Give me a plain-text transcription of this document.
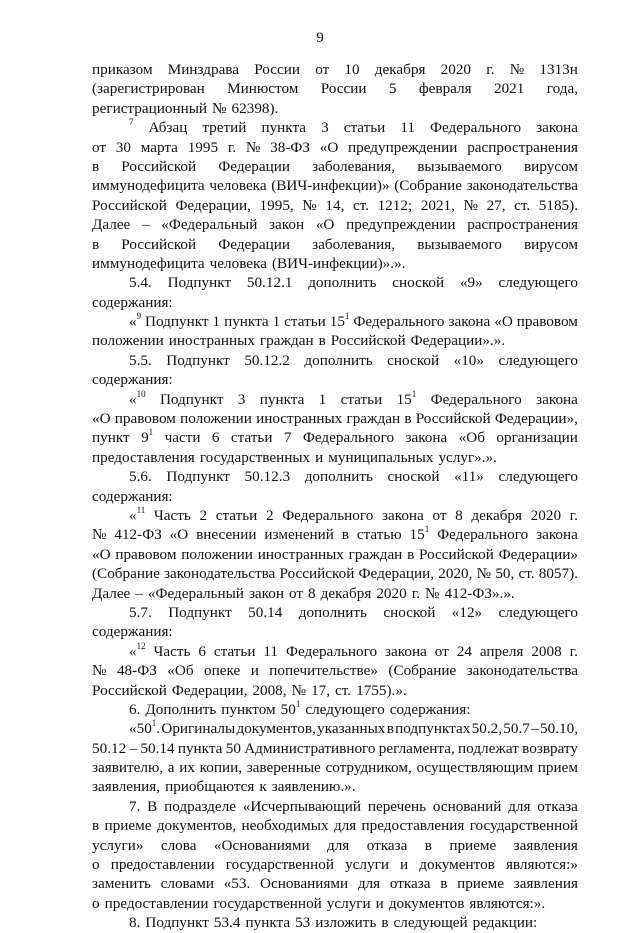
9
приказом Минздрава России от 10 декабря 2020 г. № 1313н
(зарегистрирован Минюстом России 5 февраля 2021 года,
регистрационный № 62398).
$^7$ Абзац третий пункта 3 статьи 11 Федерального закона
от 30 марта 1995 г. № 38-ФЗ «О предупреждении распространения
в Российской Федерации заболевания, вызываемого вирусом
иммунодефицита человека (ВИЧ-инфекции)» (Собрание законодательства
Российской Федерации, 1995, № 14, ст. 1212; 2021, № 27, ст. 5185).
Далее – «Федеральный закон «О предупреждении распространения
в Российской Федерации заболевания, вызываемого вирусом
иммунодефицита человека (ВИЧ-инфекции)».».
5.4. Подпункт 50.12.1 дополнить сноской «9» следующего
содержания:
«$^9$ Подпункт 1 пункта 1 статьи $15^1$ Федерального закона «О правовом
положении иностранных граждан в Российской Федерации».».
5.5. Подпункт 50.12.2 дополнить сноской «10» следующего
содержания:
«$^{10}$ Подпункт 3 пункта 1 статьи $15^1$ Федерального закона
«О правовом положении иностранных граждан в Российской Федерации»,
пункт $9^1$ части 6 статьи 7 Федерального закона «Об организации
предоставления государственных и муниципальных услуг».».
5.6. Подпункт 50.12.3 дополнить сноской «11» следующего
содержания:
«$^{11}$ Часть 2 статьи 2 Федерального закона от 8 декабря 2020 г.
№ 412-ФЗ «О внесении изменений в статью $15^1$ Федерального закона
«О правовом положении иностранных граждан в Российской Федерации»
(Собрание законодательства Российской Федерации, 2020, № 50, ст. 8057).
Далее – «Федеральный закон от 8 декабря 2020 г. № 412-ФЗ».».
5.7. Подпункт 50.14 дополнить сноской «12» следующего
содержания:
«$^{12}$ Часть 6 статьи 11 Федерального закона от 24 апреля 2008 г.
№ 48-ФЗ «Об опеке и попечительстве» (Собрание законодательства
Российской Федерации, 2008, № 17, ст. 1755).».
6. Дополнить пунктом $50^1$ следующего содержания:
«$50^1$. Оригиналы документов, указанных в подпунктах 50.2, 50.7 – 50.10,
50.12 – 50.14 пункта 50 Административного регламента, подлежат возврату
заявителю, а их копии, заверенные сотрудником, осуществляющим прием
заявления, приобщаются к заявлению.».
7. В подразделе «Исчерпывающий перечень оснований для отказа
в приеме документов, необходимых для предоставления государственной
услуги» слова «Основаниями для отказа в приеме заявления
о предоставлении государственной услуги и документов являются:»
заменить словами «53. Основаниями для отказа в приеме заявления
о предоставлении государственной услуги и документов являются:».
8. Подпункт 53.4 пункта 53 изложить в следующей редакции:
